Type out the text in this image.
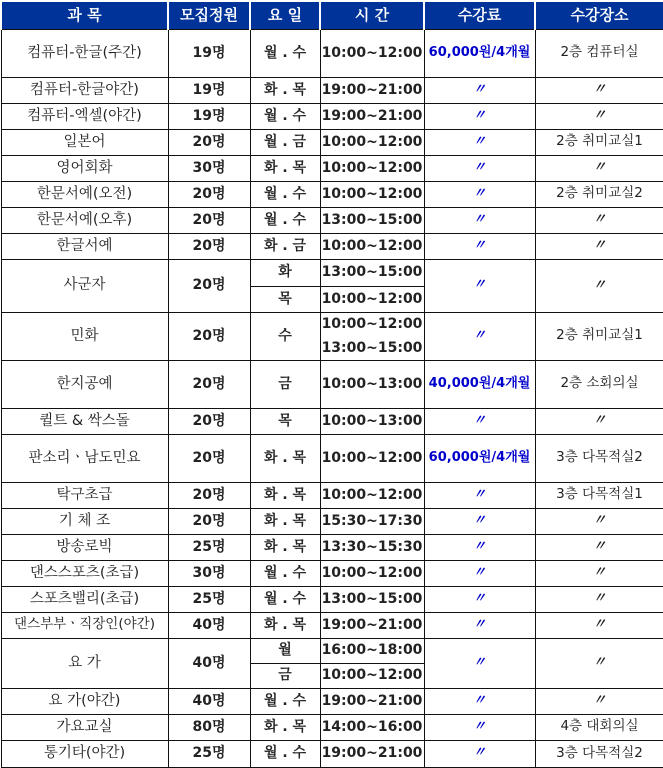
과 목	모집정원	요 일	시 간	수강료	수강장소
컴퓨터-한글(주간)	19명	월 . 수	10:00~12:00	60,000원/4개월	2층 컴퓨터실
컴퓨터-한글야간)	19명	화 . 목	19:00~21:00	〃	〃
컴퓨터-엑셀(야간)	19명	월 . 수	19:00~21:00	〃	〃
일본어	20명	월 . 금	10:00~12:00	〃	2층 취미교실1
영어회화	30명	화 . 목	10:00~12:00	〃	〃
한문서예(오전)	20명	월 . 수	10:00~12:00	〃	2층 취미교실2
한문서예(오후)	20명	월 . 수	13:00~15:00	〃	〃
한글서예	20명	화 . 금	10:00~12:00	〃	〃
사군자	20명	화	13:00~15:00	〃	〃
		목	10:00~12:00		
민화	20명	수	10:00~12:00	〃	2층 취미교실1
			13:00~15:00		
한지공예	20명	금	10:00~13:00	40,000원/4개월	2층 소회의실
퀼트 & 싹스돌	20명	목	10:00~13:00	〃	〃
판소리ㆍ남도민요	20명	화 . 목	10:00~12:00	60,000원/4개월	3층 다목적실2
탁구초급	20명	화 . 목	10:00~12:00	〃	3층 다목적실1
기 체 조	20명	화 . 목	15:30~17:30	〃	〃
방송로빅	25명	화 . 목	13:30~15:30	〃	〃
댄스스포츠(초급)	30명	월 . 수	10:00~12:00	〃	〃
스포츠밸리(초급)	25명	월 . 수	13:00~15:00	〃	〃
댄스부부ㆍ직장인(야간)	40명	화 . 목	19:00~21:00	〃	〃
요 가	40명	월	16:00~18:00	〃	〃
		금	10:00~12:00		
요 가(야간)	40명	월 . 수	19:00~21:00	〃	〃
가요교실	80명	화 . 목	14:00~16:00	〃	4층 대회의실
통기타(야간)	25명	월 . 수	19:00~21:00	〃	3층 다목적실2
